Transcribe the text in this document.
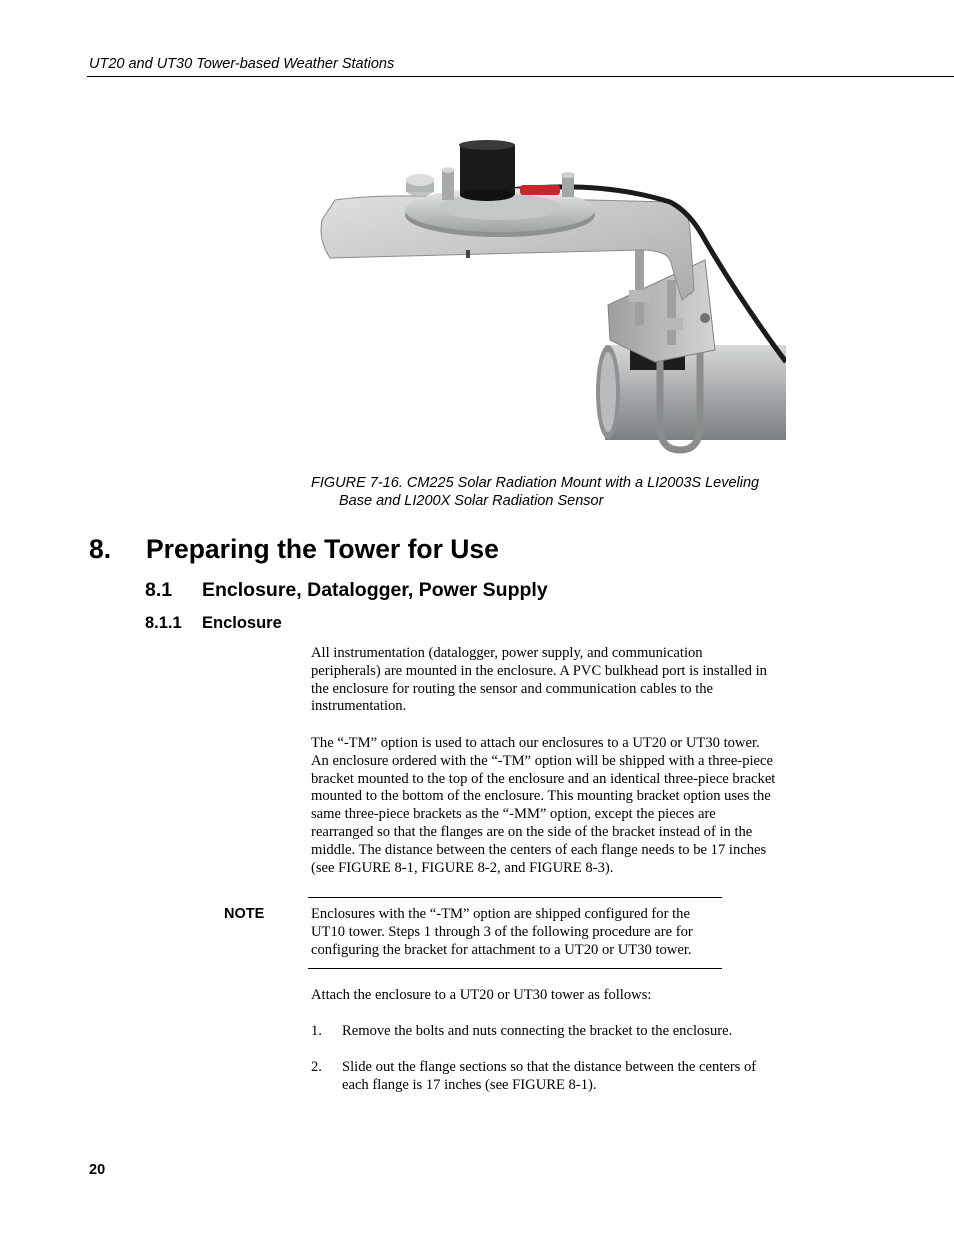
UT20 and UT30 Tower-based Weather Stations
FIGURE 7-16. CM225 Solar Radiation Mount with a LI2003S Leveling
Base and LI200X Solar Radiation Sensor
8. Preparing the Tower for Use
8.1 Enclosure, Datalogger, Power Supply
8.1.1 Enclosure
All instrumentation (datalogger, power supply, and communication
peripherals) are mounted in the enclosure. A PVC bulkhead port is installed in
the enclosure for routing the sensor and communication cables to the
instrumentation.
The “-TM” option is used to attach our enclosures to a UT20 or UT30 tower.
An enclosure ordered with the “-TM” option will be shipped with a three-piece
bracket mounted to the top of the enclosure and an identical three-piece bracket
mounted to the bottom of the enclosure. This mounting bracket option uses the
same three-piece brackets as the “-MM” option, except the pieces are
rearranged so that the flanges are on the side of the bracket instead of in the
middle. The distance between the centers of each flange needs to be 17 inches
(see FIGURE 8-1, FIGURE 8-2, and FIGURE 8-3).
NOTE	Enclosures with the “-TM” option are shipped configured for the
UT10 tower. Steps 1 through 3 of the following procedure are for
configuring the bracket for attachment to a UT20 or UT30 tower.
Attach the enclosure to a UT20 or UT30 tower as follows:
1. Remove the bolts and nuts connecting the bracket to the enclosure.
2. Slide out the flange sections so that the distance between the centers of
each flange is 17 inches (see FIGURE 8-1).
20
